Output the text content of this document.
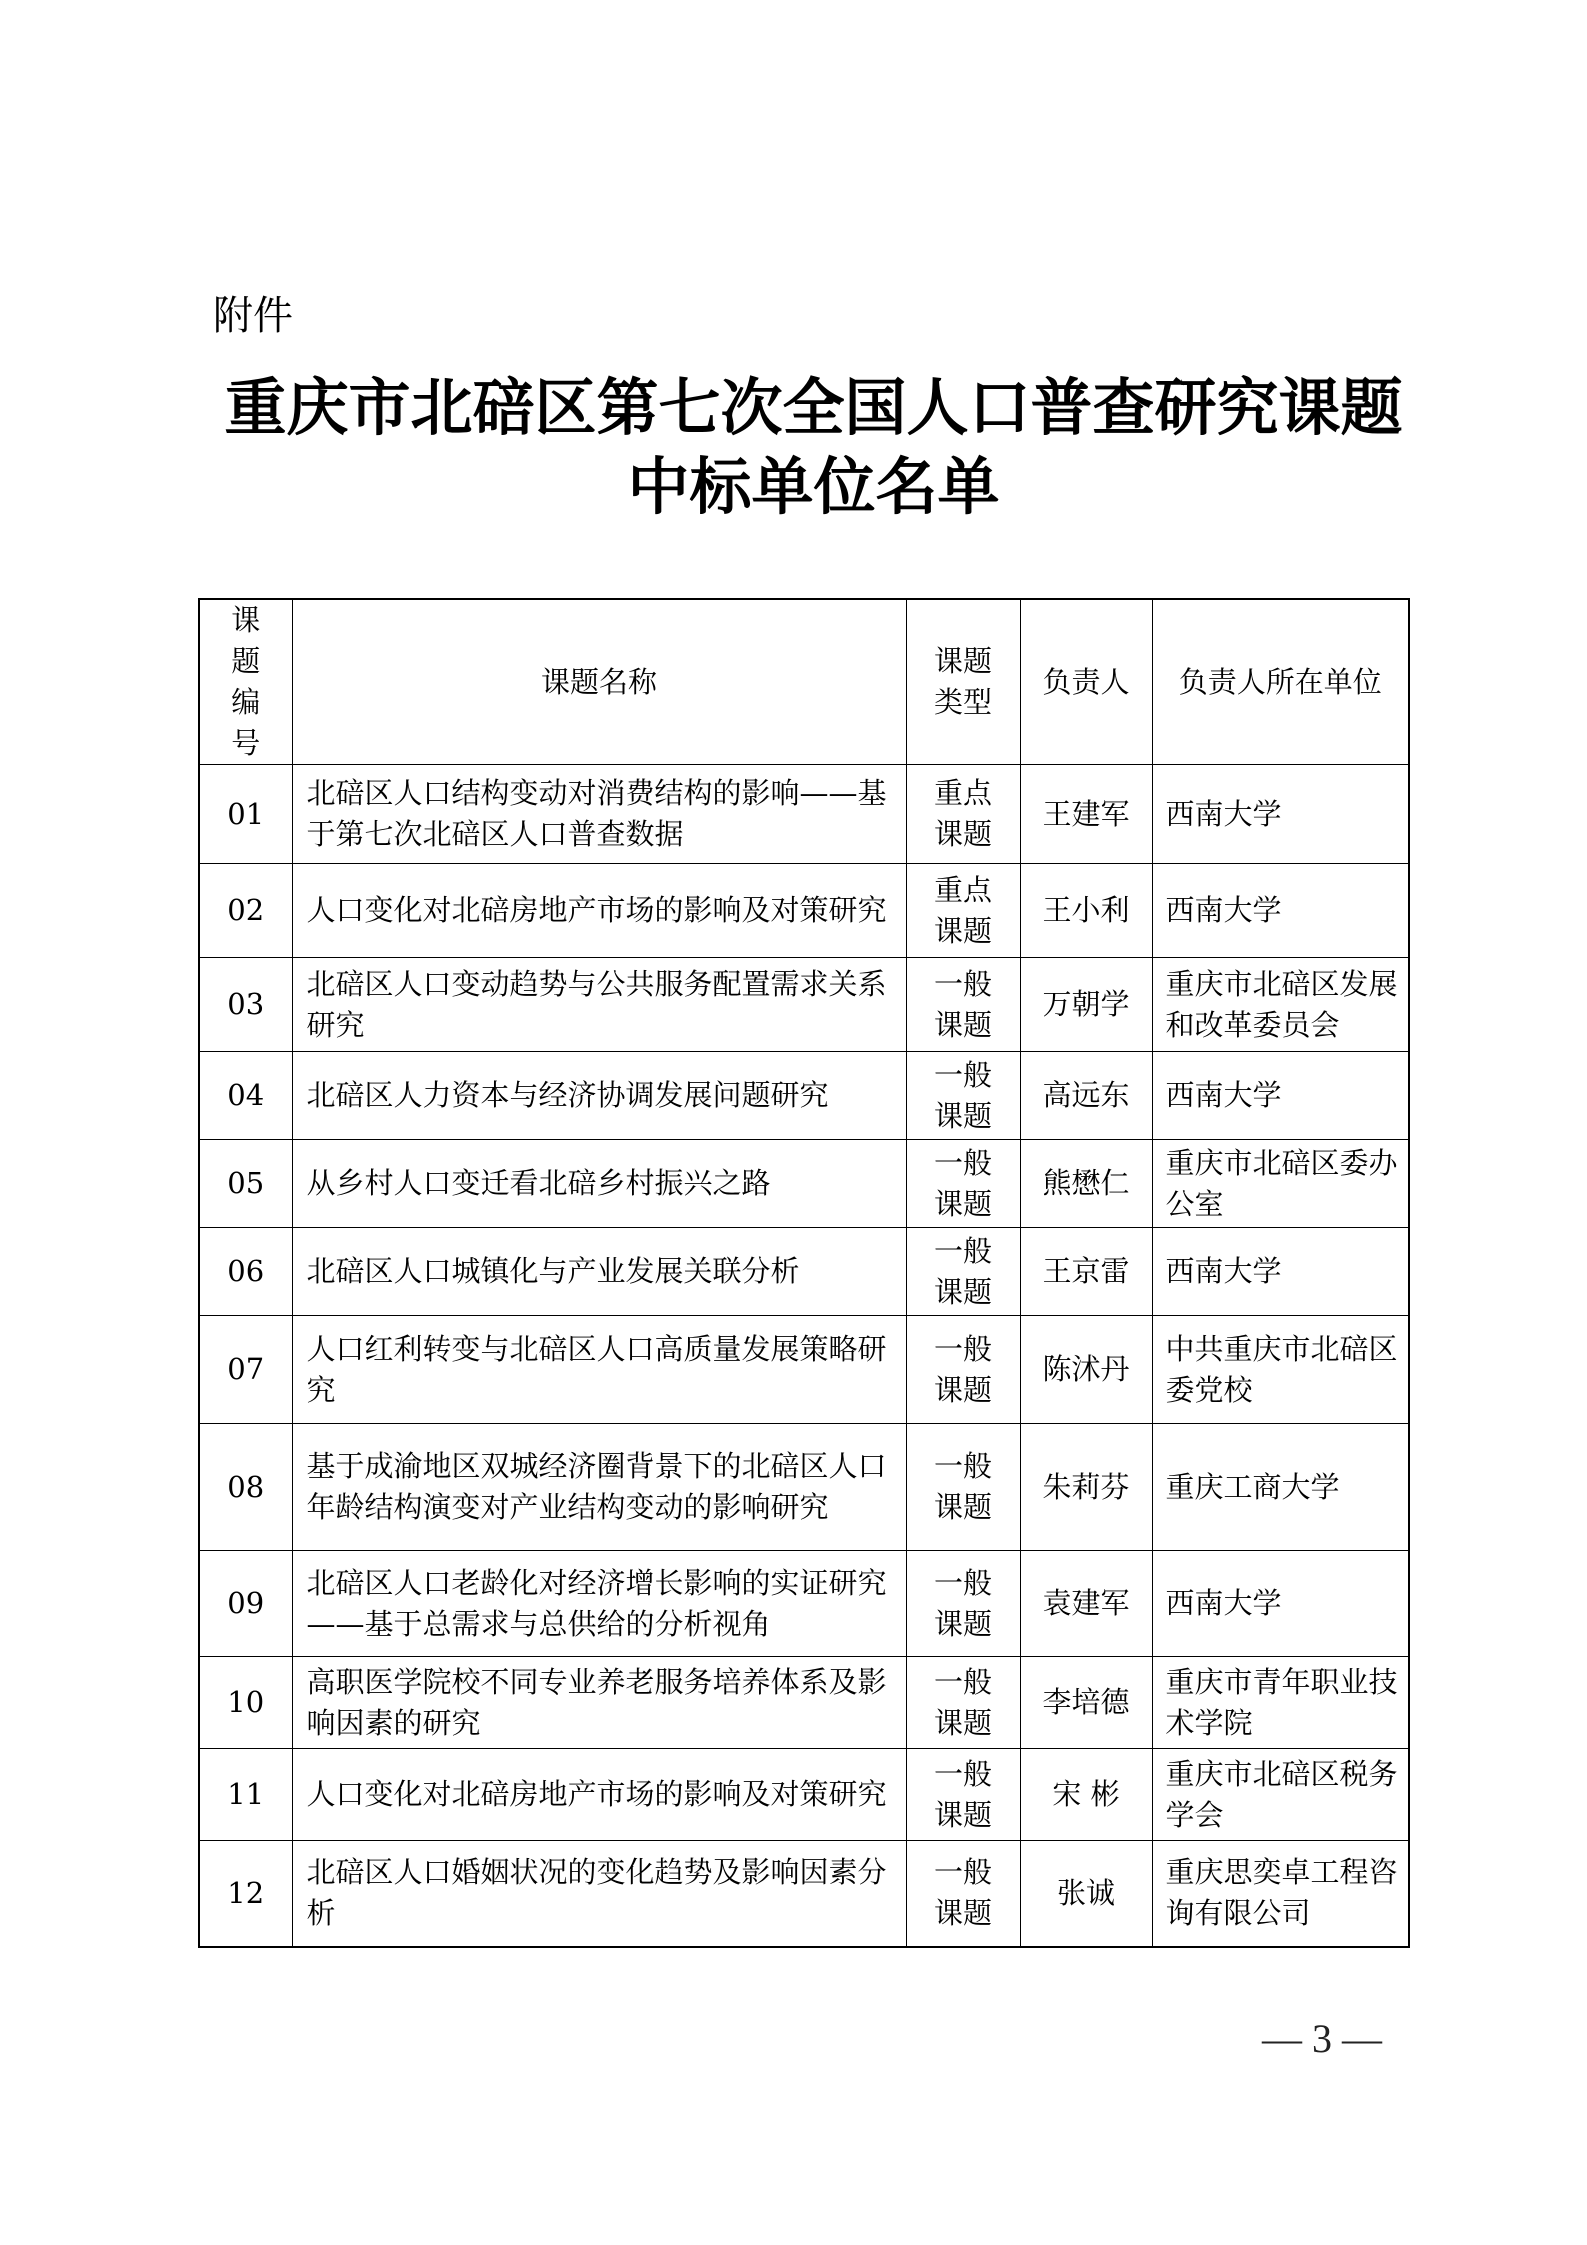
附件
重庆市北碚区第七次全国人口普查研究课题
中标单位名单
课题编号	课题名称	课题类型	负责人	负责人所在单位
01	北碚区人口结构变动对消费结构的影响——基于第七次北碚区人口普查数据	重点课题	王建军	西南大学
02	人口变化对北碚房地产市场的影响及对策研究	重点课题	王小利	西南大学
03	北碚区人口变动趋势与公共服务配置需求关系研究	一般课题	万朝学	重庆市北碚区发展和改革委员会
04	北碚区人力资本与经济协调发展问题研究	一般课题	高远东	西南大学
05	从乡村人口变迁看北碚乡村振兴之路	一般课题	熊懋仁	重庆市北碚区委办公室
06	北碚区人口城镇化与产业发展关联分析	一般课题	王京雷	西南大学
07	人口红利转变与北碚区人口高质量发展策略研究	一般课题	陈沭丹	中共重庆市北碚区委党校
08	基于成渝地区双城经济圈背景下的北碚区人口年龄结构演变对产业结构变动的影响研究	一般课题	朱莉芬	重庆工商大学
09	北碚区人口老龄化对经济增长影响的实证研究——基于总需求与总供给的分析视角	一般课题	袁建军	西南大学
10	高职医学院校不同专业养老服务培养体系及影响因素的研究	一般课题	李培德	重庆市青年职业技术学院
11	人口变化对北碚房地产市场的影响及对策研究	一般课题	宋 彬	重庆市北碚区税务学会
12	北碚区人口婚姻状况的变化趋势及影响因素分析	一般课题	张诚	重庆思奕卓工程咨询有限公司
— 3 —
